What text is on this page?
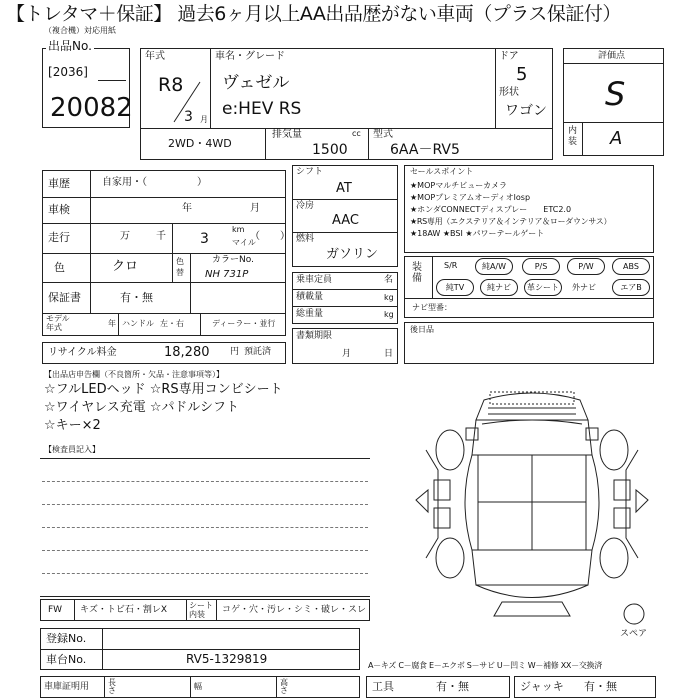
【トレタマ＋保証】 過去6ヶ月以上AA出品歴がない車両（プラス保証付）
（複合機）対応用紙
出品No.
[2036]
20082
年式
R8
3 月
車名・グレード
ヴェゼル
e:HEV RS
ドア
5
形状
ワゴン
2WD・4WD
排気量	cc
1500
型式
6AA－RV5
評価点
S
内装 A
車歴	自家用・（　　　　　）
車検	年	月
走行	万	千 3
km
マイル
（　　）
色	クロ	色替
カラーNo.
NH 731P
保証書	有・無
モデル年式	年 ハンドル 左・右	ディーラー・並行
リサイクル料金	18,280 円 預託済
シフト
AT
冷房
AAC
燃料
ガソリン
乗車定員	名
積載量	kg
総重量	kg
書類期限
月	日
セールスポイント
★MOPマルチビューカメラ
★MOPプレミアムオーディオlosp
★ホンダCONNECTディスプレー　　ETC2.0
★RS専用（エクステリア＆インテリア＆ローダウンサス）
★18AW ★BSI ★パワーテールゲート
装備
S/R	純A/W	P/S	P/W	ABS
純TV	純ナビ	革シート	外ナビ	エアB
ナビ型番：
後日品
【出品店申告欄（不良箇所・欠品・注意事項等）】
☆フルLEDヘッド ☆RS専用コンビシート
☆ワイヤレス充電 ☆パドルシフト
☆キー×2
【検査員記入】
スペア
FW キズ・トビ石・割レX	シート内装	コゲ・穴・汚レ・シミ・破レ・スレ
登録No.
車台No.	RV5-1329819
車庫証明用 長さ	幅	高さ
A－キズ C－腐食 E－エクボ S－サビ U－凹ミ W－補修 XX－交換済
工具	有・無	ジャッキ 有・無
